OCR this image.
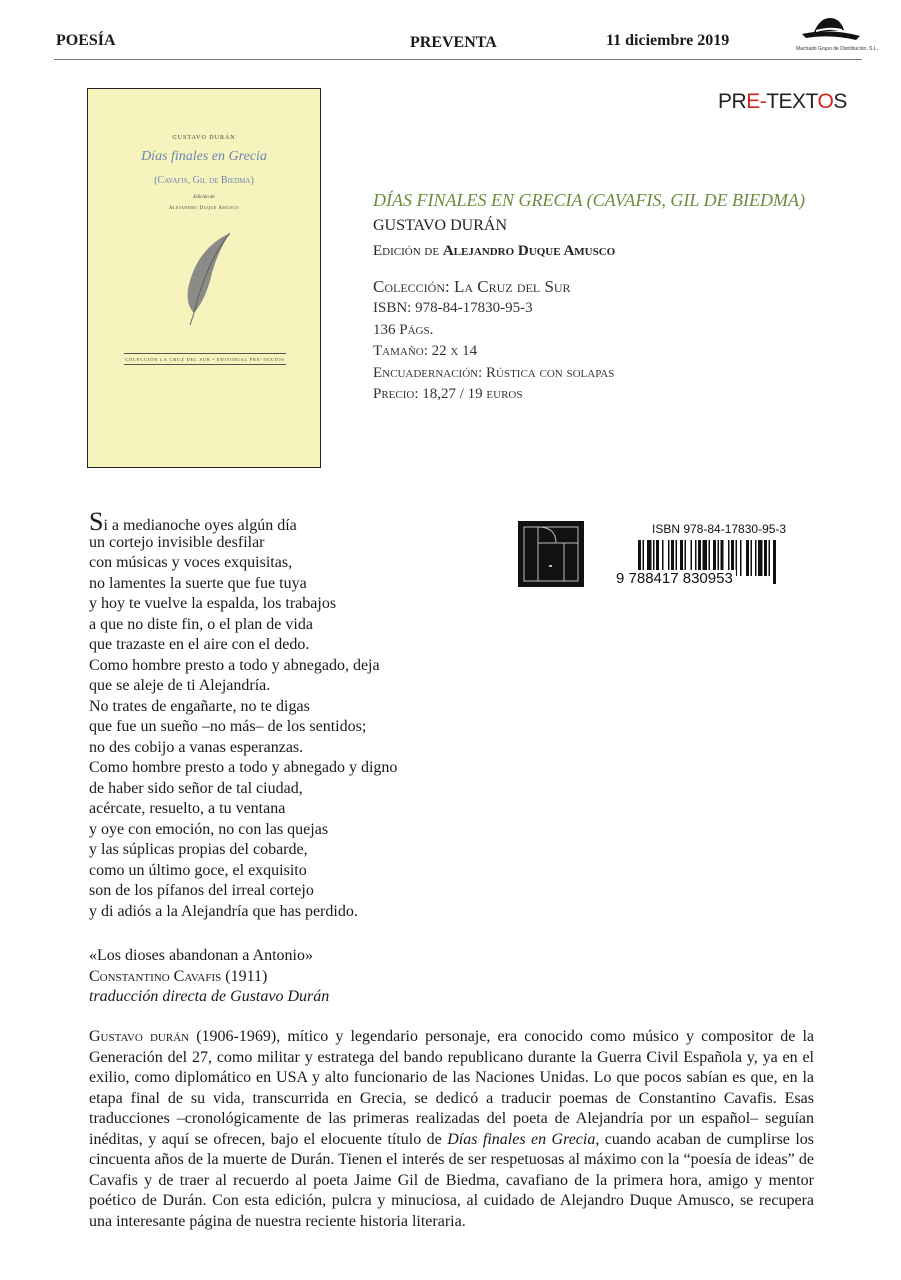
POESÍA	PREVENTA	11 diciembre 2019	Machado Grupo de Distribución, S.L.
PRE-TEXTOS
GUSTAVO DURÁN
Días finales en Grecia
(Cavafis, Gil de Biedma)
Edición de
Alejandro Duque Amusco
COLECCIÓN LA CRUZ DEL SUR • EDITORIAL PRE-TEXTOS
DÍAS FINALES EN GRECIA (CAVAFIS, GIL DE BIEDMA)
GUSTAVO DURÁN
Edición de Alejandro Duque Amusco
Colección: La Cruz del Sur
ISBN: 978-84-17830-95-3
136 Págs.
Tamaño: 22 x 14
Encuadernación: Rústica con solapas
Precio: 18,27 / 19 euros
Si a medianoche oyes algún día
un cortejo invisible desfilar
con músicas y voces exquisitas,
no lamentes la suerte que fue tuya
y hoy te vuelve la espalda, los trabajos
a que no diste fin, o el plan de vida
que trazaste en el aire con el dedo.
Como hombre presto a todo y abnegado, deja
que se aleje de ti Alejandría.
No trates de engañarte, no te digas
que fue un sueño –no más– de los sentidos;
no des cobijo a vanas esperanzas.
Como hombre presto a todo y abnegado y digno
de haber sido señor de tal ciudad,
acércate, resuelto, a tu ventana
y oye con emoción, no con las quejas
y las súplicas propias del cobarde,
como un último goce, el exquisito
son de los pífanos del irreal cortejo
y di adiós a la Alejandría que has perdido.
«Los dioses abandonan a Antonio»
Constantino Cavafis (1911)
traducción directa de Gustavo Durán
ISBN 978-84-17830-95-3
9 788417 830953
Gustavo durán (1906-1969), mítico y legendario personaje, era conocido como músico y compositor de la Generación del 27, como militar y estratega del bando republicano durante la Guerra Civil Española y, ya en el exilio, como diplomático en USA y alto funcionario de las Naciones Unidas. Lo que pocos sabían es que, en la etapa final de su vida, transcurrida en Grecia, se dedicó a traducir poemas de Constantino Cavafis. Esas traducciones –cronológicamente de las primeras realizadas del poeta de Alejandría por un español– seguían inéditas, y aquí se ofrecen, bajo el elocuente título de Días finales en Grecia, cuando acaban de cumplirse los cincuenta años de la muerte de Durán. Tienen el interés de ser respetuosas al máximo con la “poesía de ideas” de Cavafis y de traer al recuerdo al poeta Jaime Gil de Biedma, cavafiano de la primera hora, amigo y mentor poético de Durán. Con esta edición, pulcra y minuciosa, al cuidado de Alejandro Duque Amusco, se recupera una interesante página de nuestra reciente historia literaria.
